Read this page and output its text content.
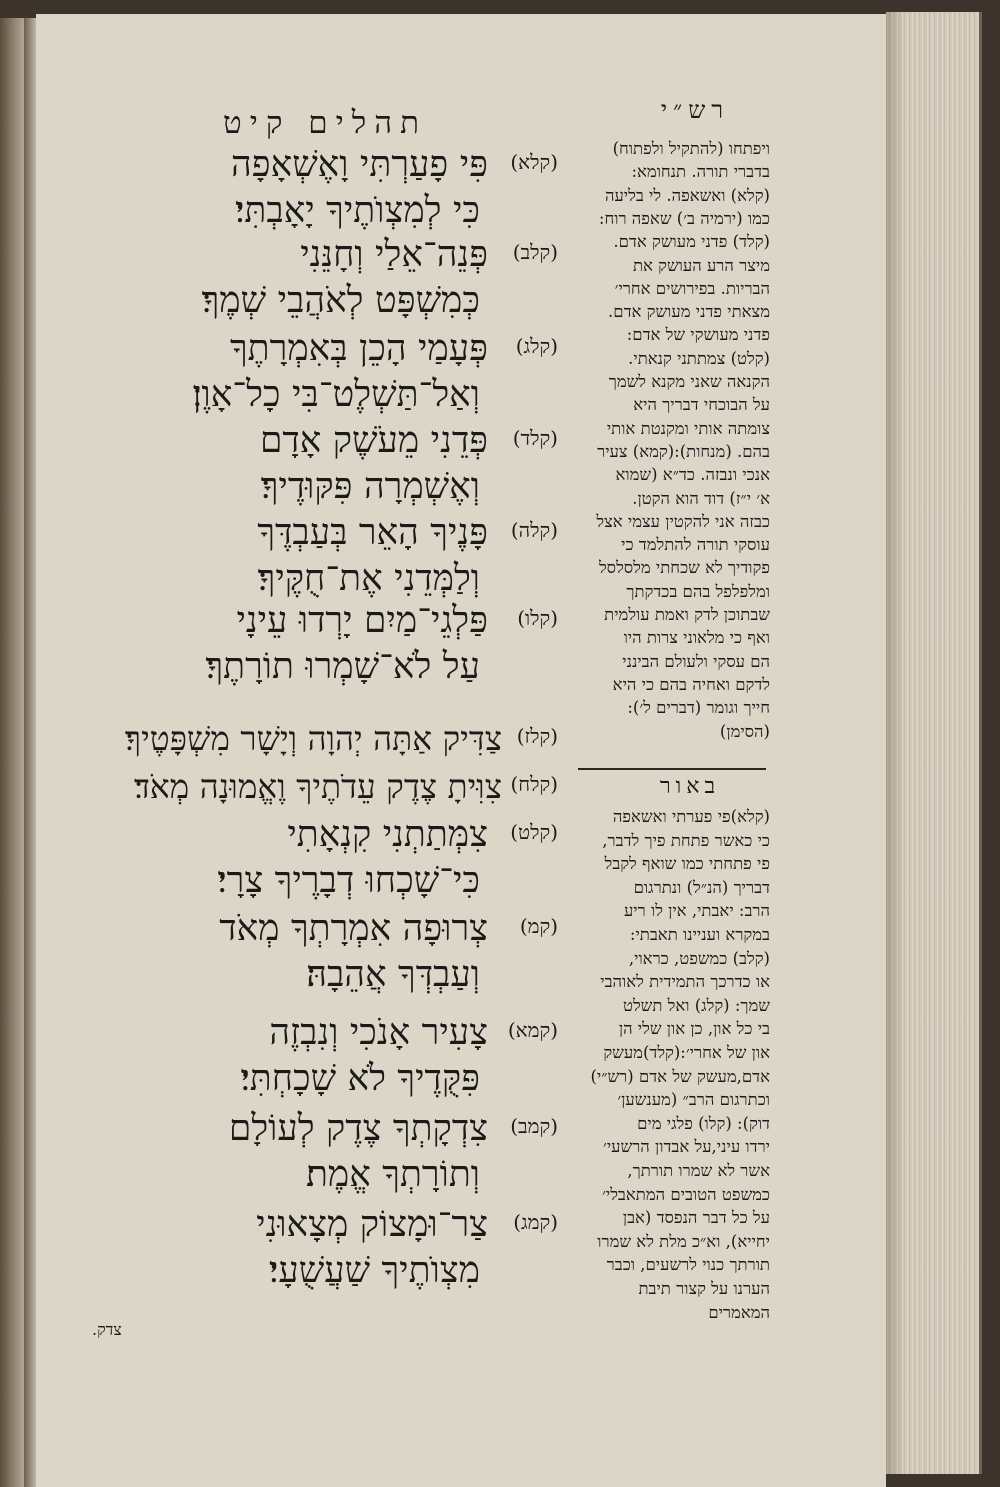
תהלים קיט
(קלא)
פִּי פָעַרְתִּי וָאֶשְׁאָפָה
כִּי לְמִצְוֺתֶיךָ יָאָבְתִּי׃
(קלב)
פְּנֵה־אֵלַי וְחָנֵּנִי
כְּמִשְׁפָּט לְאֹהֲבֵי שְׁמֶךָ׃
(קלג)
פְּעָמַי הָכֵן בְּאִמְרָתֶךָ
וְאַל־תַּשְׁלֶט־בִּי כָל־אָוֶן׃
(קלד)
פְּדֵנִי מֵעֹשֶׁק אָדָם
וְאֶשְׁמְרָה פִּקּוּדֶיךָ׃
(קלה)
פָּנֶיךָ הָאֵר בְּעַבְדֶּךָ
וְלַמְּדֵנִי אֶת־חֻקֶּיךָ׃
(קלו)
פַּלְגֵי־מַיִם יָרְדוּ עֵינָי
עַל לֹא־שָׁמְרוּ תוֹרָתֶךָ׃
(קלז)
צַדִּיק אַתָּה יְהוָה וְיָשָׁר מִשְׁפָּטֶיךָ׃
(קלח)
צִוִּיתָ צֶדֶק עֵדֹתֶיךָ וֶאֱמוּנָה מְאֹד׃
(קלט)
צִמְּתַתְנִי קִנְאָתִי
כִּי־שָׁכְחוּ דְבָרֶיךָ צָרָי׃
(קמ)
צְרוּפָה אִמְרָתְךָ מְאֹד
וְעַבְדְּךָ אֲהֵבָהּ׃
(קמא)
צָעִיר אָנֹכִי וְנִבְזֶה
פִּקֻּדֶיךָ לֹא שָׁכָחְתִּי׃
(קמב)
צִדְקָתְךָ צֶדֶק לְעוֹלָם
וְתוֹרָתְךָ אֱמֶת׃
(קמג)
צַר־וּמָצוֹק מְצָאוּנִי
מִצְוֺתֶיךָ שַׁעֲשֻׁעָי׃
רש״י
ויפתחו (להתקיל ולפתוח)
בדברי תורה. תנחומא:
(קלא) ואשאפה. לי בליעה
כמו (ירמיה ב׳) שאפה רוח:
(קלד) פדני מעושק אדם.
מיצר הרע העושק את
הבריות. בפירושים אחרי׳
מצאתי פדני מעושק אדם.
פדני מעושקי של אדם:
(קלט) צמתתני קנאתי.
הקנאה שאני מקנא לשמך
על הבוכחי דבריך היא
צומתה אותי ומקנטת אותי
בהם. (מנחות):(קמא) צעיר
אנכי ונבזה. כד״א (שמוא
א׳ י״ז) דוד הוא הקטן.
כבזה אני להקטין עצמי אצל
עוסקי תורה להתלמד כי
פקודיך לא שכחתי מלסלסל
ומלפלפל בהם בכדקתך
שבתוכן לדק ואמת עולמית
ואף כי מלאוני צרות היו
הם עסקי ולעולם הבינני
לדקם ואחיה בהם כי היא
חייך וגומר (דברים ל׳):
(הסימן)
באור
(קלא)פי פערתי ואשאפה
כי כאשר פתחת פיך לדבר,
פי פתחתי כמו שואף לקבל
דבריך (הנ״ל) ונתרגום
הרב: יאבתי, אין לו ריע
במקרא ועניינו תאבתי:
(קלב) כמשפט, כראוי,
או כדרכך התמידית לאוהבי
שמך: (קלג) ואל תשלט
בי כל און, כן און שלי הן
און של אחרי׳:(קלד)מעשק
אדם,מעשק של אדם (רש״י)
וכתרגום הרב״ (מענשען׳
דוק): (קלו) פלגי מים
ירדו עיני,על אבדון הרשעי׳
אשר לא שמרו תורתך,
כמשפט הטובים המתאבלי׳
על כל דבר הנפסד (אבן
יחייא), וא״כ מלת לא שמרו
תורתך כנוי לרשעים, וכבר
הערנו על קצור תיבת
המאמרים
צדק.
